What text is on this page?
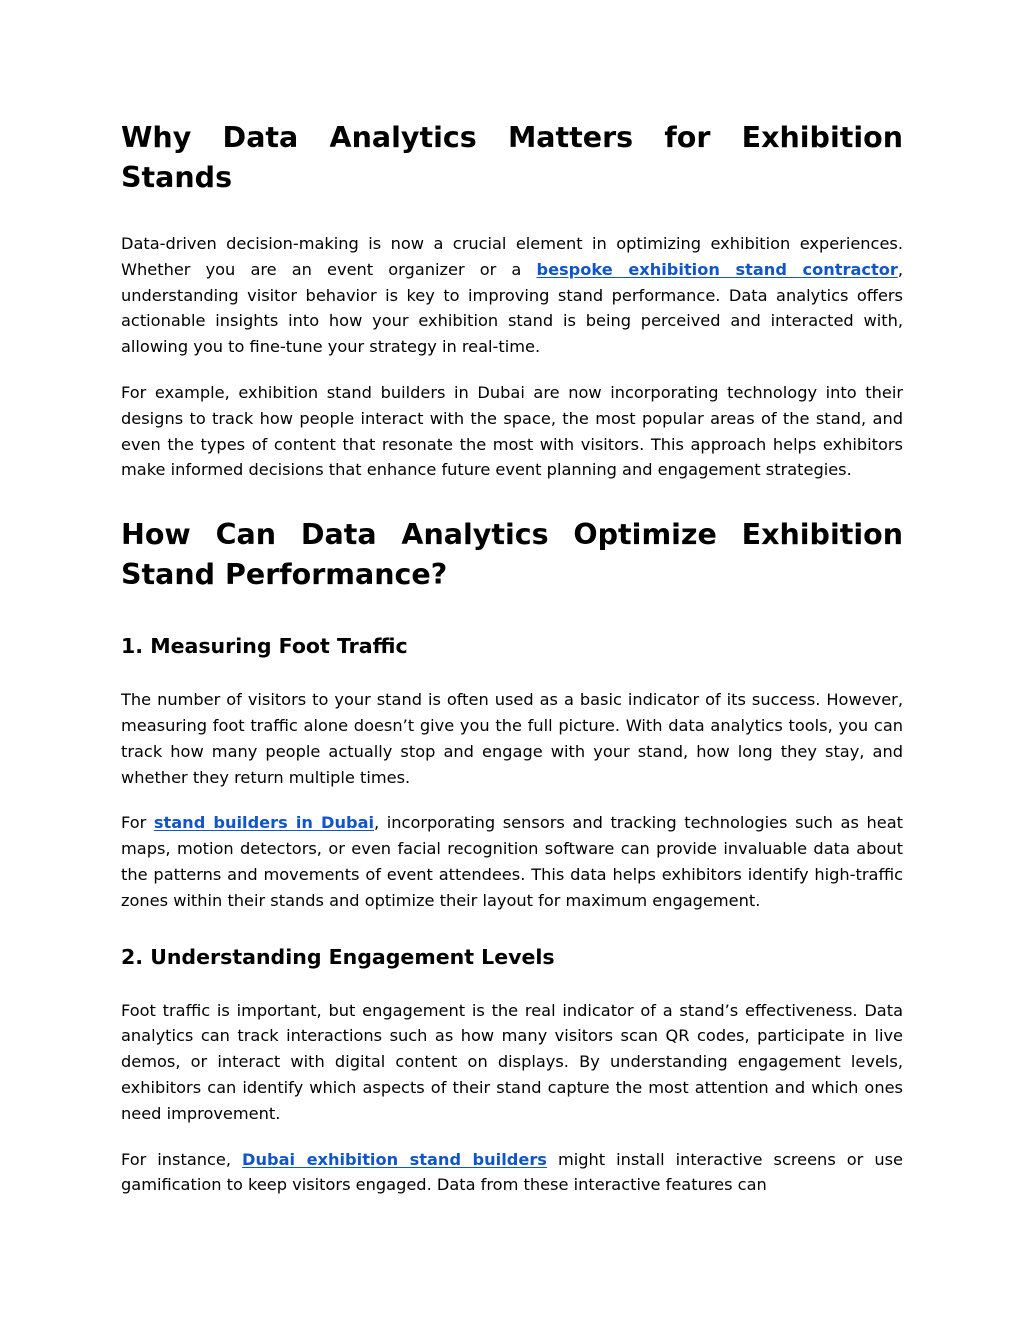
Why Data Analytics Matters for Exhibition Stands

Data-driven decision-making is now a crucial element in optimizing exhibition experiences. Whether you are an event organizer or a bespoke exhibition stand contractor, understanding visitor behavior is key to improving stand performance. Data analytics offers actionable insights into how your exhibition stand is being perceived and interacted with, allowing you to fine-tune your strategy in real-time.

For example, exhibition stand builders in Dubai are now incorporating technology into their designs to track how people interact with the space, the most popular areas of the stand, and even the types of content that resonate the most with visitors. This approach helps exhibitors make informed decisions that enhance future event planning and engagement strategies.

How Can Data Analytics Optimize Exhibition Stand Performance?
1. Measuring Foot Traffic

The number of visitors to your stand is often used as a basic indicator of its success. However, measuring foot traffic alone doesn’t give you the full picture. With data analytics tools, you can track how many people actually stop and engage with your stand, how long they stay, and whether they return multiple times.

For stand builders in Dubai, incorporating sensors and tracking technologies such as heat maps, motion detectors, or even facial recognition software can provide invaluable data about the patterns and movements of event attendees. This data helps exhibitors identify high-traffic zones within their stands and optimize their layout for maximum engagement.

2. Understanding Engagement Levels

Foot traffic is important, but engagement is the real indicator of a stand’s effectiveness. Data analytics can track interactions such as how many visitors scan QR codes, participate in live demos, or interact with digital content on displays. By understanding engagement levels, exhibitors can identify which aspects of their stand capture the most attention and which ones need improvement.

For instance, Dubai exhibition stand builders might install interactive screens or use gamification to keep visitors engaged. Data from these interactive features can
